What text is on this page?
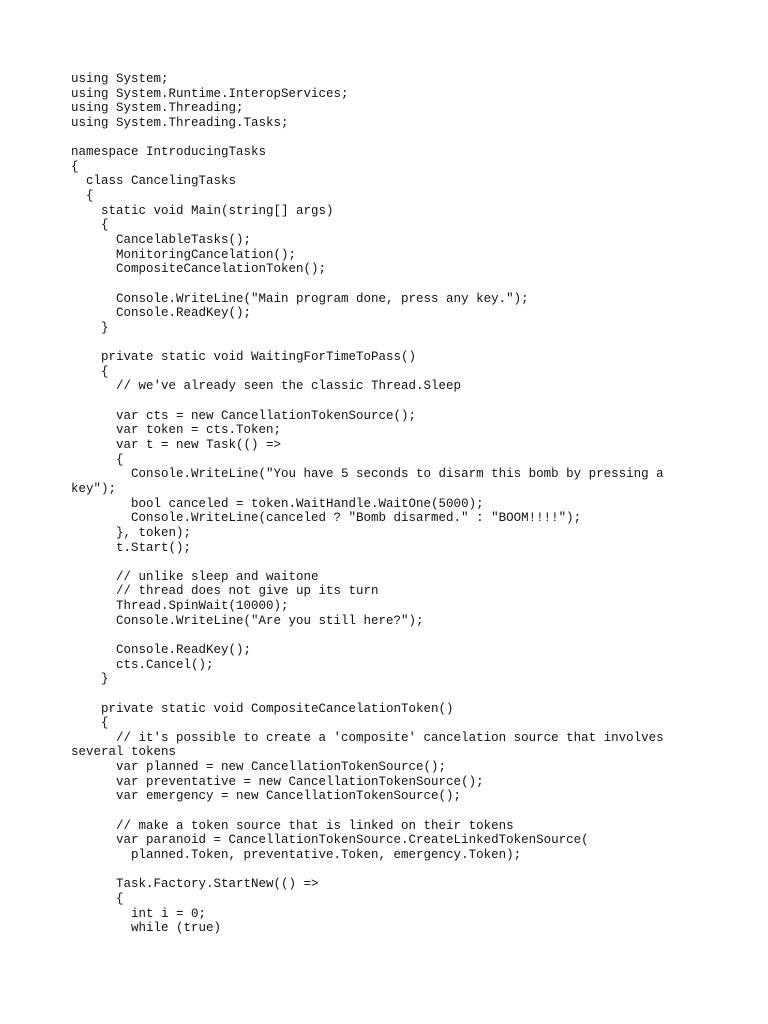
using System;
using System.Runtime.InteropServices;
using System.Threading;
using System.Threading.Tasks;
namespace IntroducingTasks
{
class CancelingTasks
{
static void Main(string[] args)
{
CancelableTasks();
MonitoringCancelation();
CompositeCancelationToken();
Console.WriteLine("Main program done, press any key.");
Console.ReadKey();
}
private static void WaitingForTimeToPass()
{
// we've already seen the classic Thread.Sleep
var cts = new CancellationTokenSource();
var token = cts.Token;
var t = new Task(() =>
{
Console.WriteLine("You have 5 seconds to disarm this bomb by pressing a
key");
bool canceled = token.WaitHandle.WaitOne(5000);
Console.WriteLine(canceled ? "Bomb disarmed." : "BOOM!!!!");
}, token);
t.Start();
// unlike sleep and waitone
// thread does not give up its turn
Thread.SpinWait(10000);
Console.WriteLine("Are you still here?");
Console.ReadKey();
cts.Cancel();
}
private static void CompositeCancelationToken()
{
// it's possible to create a 'composite' cancelation source that involves
several tokens
var planned = new CancellationTokenSource();
var preventative = new CancellationTokenSource();
var emergency = new CancellationTokenSource();
// make a token source that is linked on their tokens
var paranoid = CancellationTokenSource.CreateLinkedTokenSource(
planned.Token, preventative.Token, emergency.Token);
Task.Factory.StartNew(() =>
{
int i = 0;
while (true)
